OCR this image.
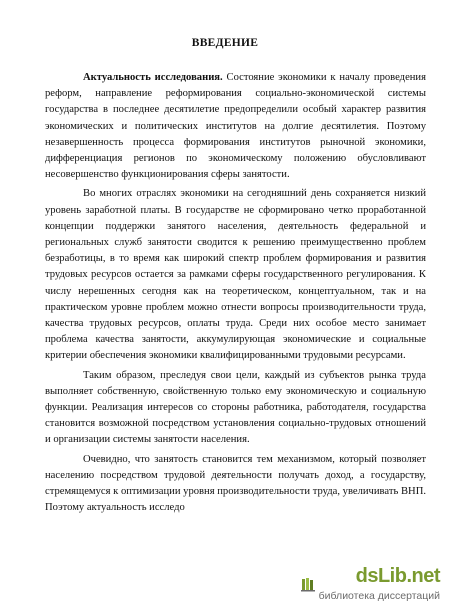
ВВЕДЕНИЕ

Актуальность исследования. Состояние экономики к началу проведения реформ, направление реформирования социально-экономической системы государства в последнее десятилетие предопределили особый характер развития экономических и политических институтов на долгие десятилетия. Поэтому незавершенность процесса формирования институтов рыночной экономики, дифференциация регионов по экономическому положению обусловливают несовершенство функционирования сферы занятости.

Во многих отраслях экономики на сегодняшний день сохраняется низкий уровень заработной платы. В государстве не сформировано четко проработанной концепции поддержки занятого населения, деятельность федеральной и региональных служб занятости сводится к решению преимущественно проблем безработицы, в то время как широкий спектр проблем формирования и развития трудовых ресурсов остается за рамками сферы государственного регулирования. К числу нерешенных сегодня как на теоретическом, концептуальном, так и на практическом уровне проблем можно отнести вопросы производительности труда, качества трудовых ресурсов, оплаты труда. Среди них особое место занимает проблема качества занятости, аккумулирующая экономические и социальные критерии обеспечения экономики квалифицированными трудовыми ресурсами.

Таким образом, преследуя свои цели, каждый из субъектов рынка труда выполняет собственную, свойственную только ему экономическую и социальную функции. Реализация интересов со стороны работника, работодателя, государства становится возможной посредством установления социально-трудовых отношений и организации системы занятости населения.

Очевидно, что занятость становится тем механизмом, который позволяет населению посредством трудовой деятельности получать доход, а государству, стремящемуся к оптимизации уровня производительности труда, увеличивать ВНП. Поэтому актуальность исследо

dsLib.net
библиотека диссертаций
